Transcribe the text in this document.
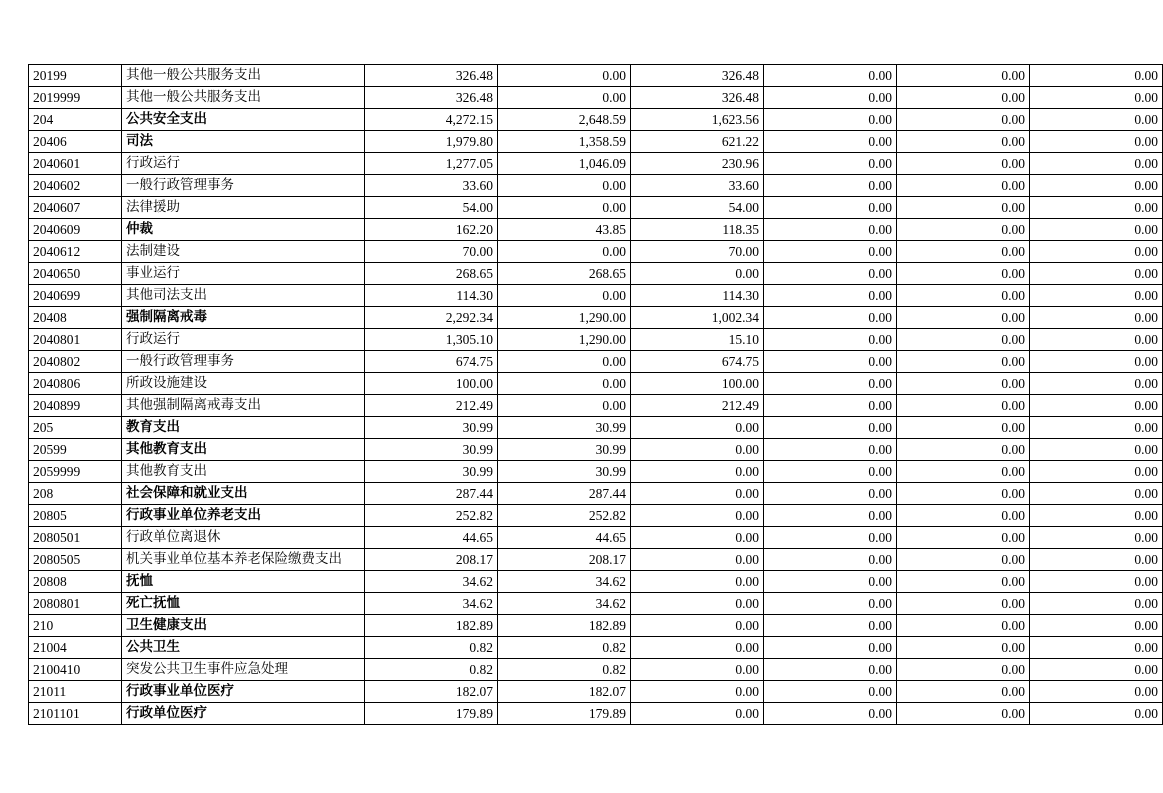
20199	其他一般公共服务支出	326.48	0.00	326.48	0.00	0.00	0.00
2019999	其他一般公共服务支出	326.48	0.00	326.48	0.00	0.00	0.00
204	公共安全支出	4,272.15	2,648.59	1,623.56	0.00	0.00	0.00
20406	司法	1,979.80	1,358.59	621.22	0.00	0.00	0.00
2040601	行政运行	1,277.05	1,046.09	230.96	0.00	0.00	0.00
2040602	一般行政管理事务	33.60	0.00	33.60	0.00	0.00	0.00
2040607	法律援助	54.00	0.00	54.00	0.00	0.00	0.00
2040609	仲裁	162.20	43.85	118.35	0.00	0.00	0.00
2040612	法制建设	70.00	0.00	70.00	0.00	0.00	0.00
2040650	事业运行	268.65	268.65	0.00	0.00	0.00	0.00
2040699	其他司法支出	114.30	0.00	114.30	0.00	0.00	0.00
20408	强制隔离戒毒	2,292.34	1,290.00	1,002.34	0.00	0.00	0.00
2040801	行政运行	1,305.10	1,290.00	15.10	0.00	0.00	0.00
2040802	一般行政管理事务	674.75	0.00	674.75	0.00	0.00	0.00
2040806	所政设施建设	100.00	0.00	100.00	0.00	0.00	0.00
2040899	其他强制隔离戒毒支出	212.49	0.00	212.49	0.00	0.00	0.00
205	教育支出	30.99	30.99	0.00	0.00	0.00	0.00
20599	其他教育支出	30.99	30.99	0.00	0.00	0.00	0.00
2059999	其他教育支出	30.99	30.99	0.00	0.00	0.00	0.00
208	社会保障和就业支出	287.44	287.44	0.00	0.00	0.00	0.00
20805	行政事业单位养老支出	252.82	252.82	0.00	0.00	0.00	0.00
2080501	行政单位离退休	44.65	44.65	0.00	0.00	0.00	0.00
2080505	机关事业单位基本养老保险缴费支出	208.17	208.17	0.00	0.00	0.00	0.00
20808	抚恤	34.62	34.62	0.00	0.00	0.00	0.00
2080801	死亡抚恤	34.62	34.62	0.00	0.00	0.00	0.00
210	卫生健康支出	182.89	182.89	0.00	0.00	0.00	0.00
21004	公共卫生	0.82	0.82	0.00	0.00	0.00	0.00
2100410	突发公共卫生事件应急处理	0.82	0.82	0.00	0.00	0.00	0.00
21011	行政事业单位医疗	182.07	182.07	0.00	0.00	0.00	0.00
2101101	行政单位医疗	179.89	179.89	0.00	0.00	0.00	0.00
